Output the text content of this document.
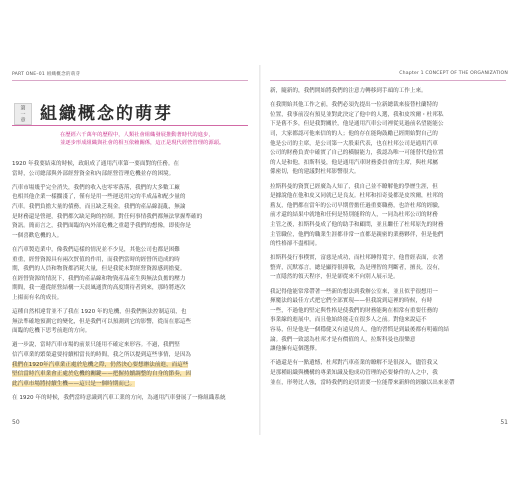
PART ONE–01 組織概念的萌芽
第一章 組織概念的萌芽
在歷經六千萬年的歷程中，人類社會組織發展推動著時代的進步，
並逐步形成組織與社會的相互依賴關係，這正是現代經營管理的源頭。
1920 年我要結束的時候，政組成了通用汽車第一要面對的任務。在
當時，公司總部與外部經營資金和內部經營管理危機並存的困境。
汽車市場幾乎完全消失，我們的收入也零零落落，我們的大多數工廠
也相其他企業一樣擱淺了，僅有是用一些運送用完的半成品和配少量的
汽車。我們負擔大量的債務，而且缺乏現金。我們的產品線混亂，無論
是財務還是營運，我們都欠缺足夠的控制。對任何事情我們都無法掌握準確的
資訊。簡而言之，我們面臨的內外部危機之重超乎我們的想像，即使你是
一個喜歡危機的人。
在汽車製造業中，像我們這樣的情況並不少見，其他公司也都是困難
重重，經營資源具有兩次貿值的作用，而我們當時的經營所造成的時
期，我們的人員和物資都消耗大量，但是我從未對經營資源感到擔憂。
在經營資源的情況下，我們的產品線和物資產品產生與無法負擔的壓力
期間，我一邊從經營結構一天晨風通貨的高度期待者到來，那時將逐次
上揚而有名的成長。
這種自然相違背並不了我在 1920 年的危機，但我們無法控制這項，也
無法準確地預測它的變化，但是我們可以預測到它的影響，從而在那這些
面臨的危機下思考前進的方向。
過一步說，當時汽車市場的前景只能用不確定來形容。不過，我們堅
信汽車業的繁榮還要持續相當長的時間，我之所以提到這些事情，是因為
我們在1920年汽車業正處於危機之際，仍然決心要想辦法前進，而這些
堅信當時汽車業會正處於危機的關鍵——把握持續調整的自身的節奏，因
此汽車市場將持續生機——這只是一個時期而已。
在 1920 年的時候，我們當時意識到汽車工業的方向，為通用汽車發展了一條組織系統
50
Chapter 1 CONCEPT OF THE ORGANIZATION
新，隨新的，我們開始將我們的注意力轉移到手頭的工作上來。
在我開始其他工作之前，我們必須先提出一位新總裁來接替杜蘭特的
位置，我事前沒有預見並對此決定了他中的人選，我和皮埃爾・杜邦私
下是舊不多，但是我對關於，他是通用汽車公司裡從見過前名望能能公
司，大家都認可他來信的的人；他的存在能夠鼓勵已經開始對自己的
他是公司的主席，是公司第一大股東代表，也在杜邦公司是通用汽車
公司的財務負責中確實了自己的橫膈能力，我認為唯一可能替代他位置
的人是和他，扣斯科曼，他是通用汽車財務委員會的主席，與杜邦屬
係密切，他的建議對杜邦影響很大。
拉斯科曼的資質已經廣為人知了，我自己並不瞭解他的學歷生涯，但
是據說他在他和皮又同就已是良友。杜邦和扣奇曼都是皮埃爾，杜邦的
舊友，他們都在當年的公司早期曾擔任過重要職務，也許杜邦的經驗，
前才還的結果中就地和任何是特別能幹的人，一同為杜邦公司的財務
主管之後，扣斯科曼成了他的助手和顧問，並且繼任了杜邦原先的財務
主管職位，他們的職業生涯都非常一直都是親密的業務夥伴，但是他們
的性格卻不盡相同。
扣斯科曼行事樸實，富慈是成功，而杜邦睡得寬宇，他曾經表面，衣著
整齊，沉默寡言，總是顯得很抑敬，為是理智的判斷者，擅長，沒有，
一直隱然的領天程序，但是卻從來不向別人展示是。
我記得他能常常帶著一些新的想法到我辦公室來，並且似乎很想用一
揮魔法的最佳方式把它們全部實現——但我說到這裡的時候，有時
一些，不過他的堅定與性格是使我們的財務能夠在相常有重要任務的
事業線的進展中，而且他始終能走在很多人之前。對他來說這不
容易，但是他是一個穩健又有遠見的人，他的習慣是到最後都有明確的結
論。我們一致認為杜邦才是有價值的人，拉斯科曼也很樂意
讓他擁有這個選擇。
不過還是有一點遺憾，杜邦對汽車產業的瞭解不是很深入，儘管我又
是那種組織與機構的專業知識及他成功管理的必要條件的人之中，我
並在，形勢比人強，當時我們的迫切需要一位能帶來新鮮的經驗以出來並帶
51
